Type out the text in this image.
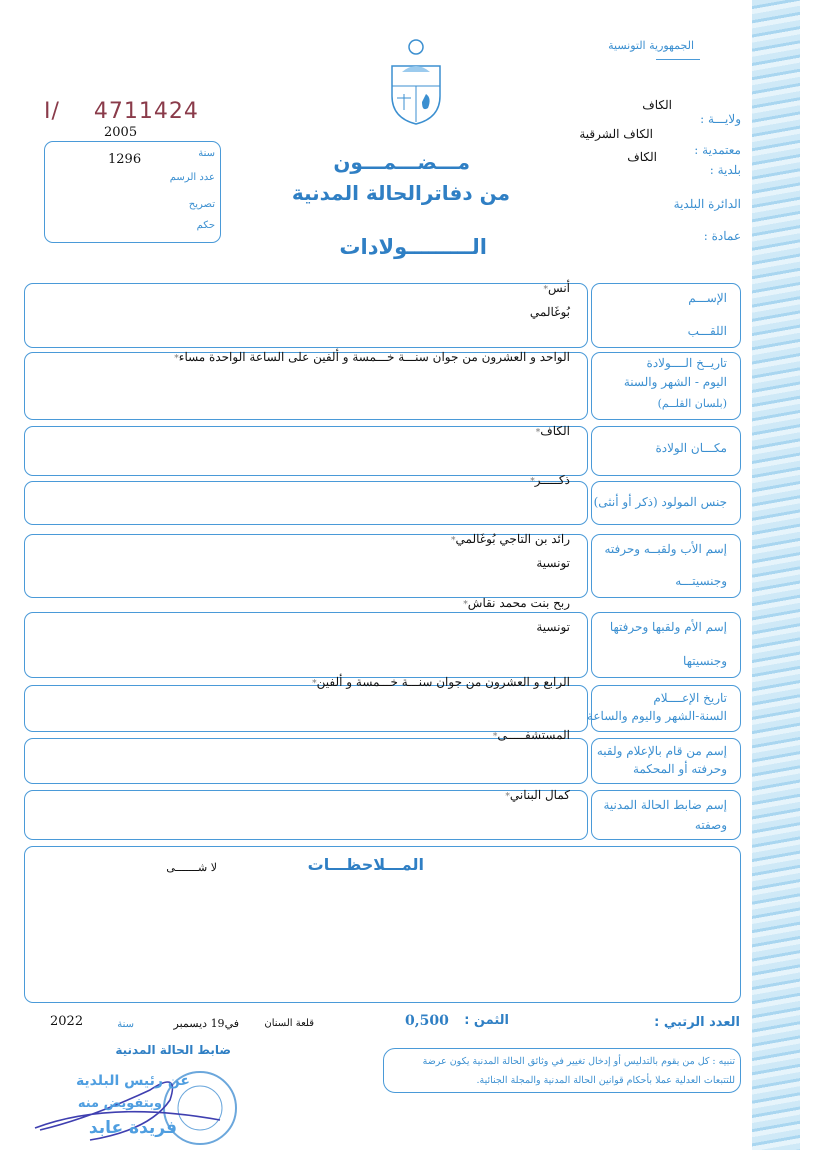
الجمهورية التونسية
I/ 4711424
2005
سنة
1296
عدد الرسم
تصريح
حكم
ولايـــة :
الكاف
الكاف الشرقية
معتمدية :
الكاف
بلدية :
الدائرة البلدية
عمادة :
مـــضـــمـــون
من دفاترالحالة المدنية
الـــــــــولادات
الإســـم
اللقـــب
أنس *
بُوغَالمي
تاريــخ الــــولادة
اليوم - الشهر والسنة
(بلسان القلــم)
الواحد و العشرون من جوان سنـــة خـــمسة و ألفين على الساعة الواحدة مساء *
مكـــان الولادة
الكاف *
جنس المولود (ذكر أو أنثى)
ذكـــــر *
إسم الأب ولقبــه وحرفته
وجنسيتـــه
رائد بن التاجي بُوغَالمي *
تونسية
إسم الأم ولقبها وحرفتها
وجنسيتها
ربح بنت محمد نقاش *
تونسية
تاريخ الإعــــلام
السنة-الشهر واليوم والساعة
الرابع و العشرون من جوان سنـــة خـــمسة و ألفين *
إسم من قام بالإعلام ولقبه
وحرفته أو المحكمة
المستشفـــــى *
إسم ضابط الحالة المدنية
وصفته
كمال البناني *
المـــلاحظـــات
لا شـــــــى
العدد الرتبي :
الثمن :
0,500
قلعة السنان
في19 ديسمبر
سنة
2022
ضابط الحالة المدنية
تنبيه : كل من يقوم بالتدليس أو إدخال تغيير في وثائق الحالة المدنية يكون عرضة
للتتبعات العدلية عملا بأحكام قوانين الحالة المدنية والمجلة الجنائية.
عن رئيس البلدية
وبتفويض منه
فريدة عابد
